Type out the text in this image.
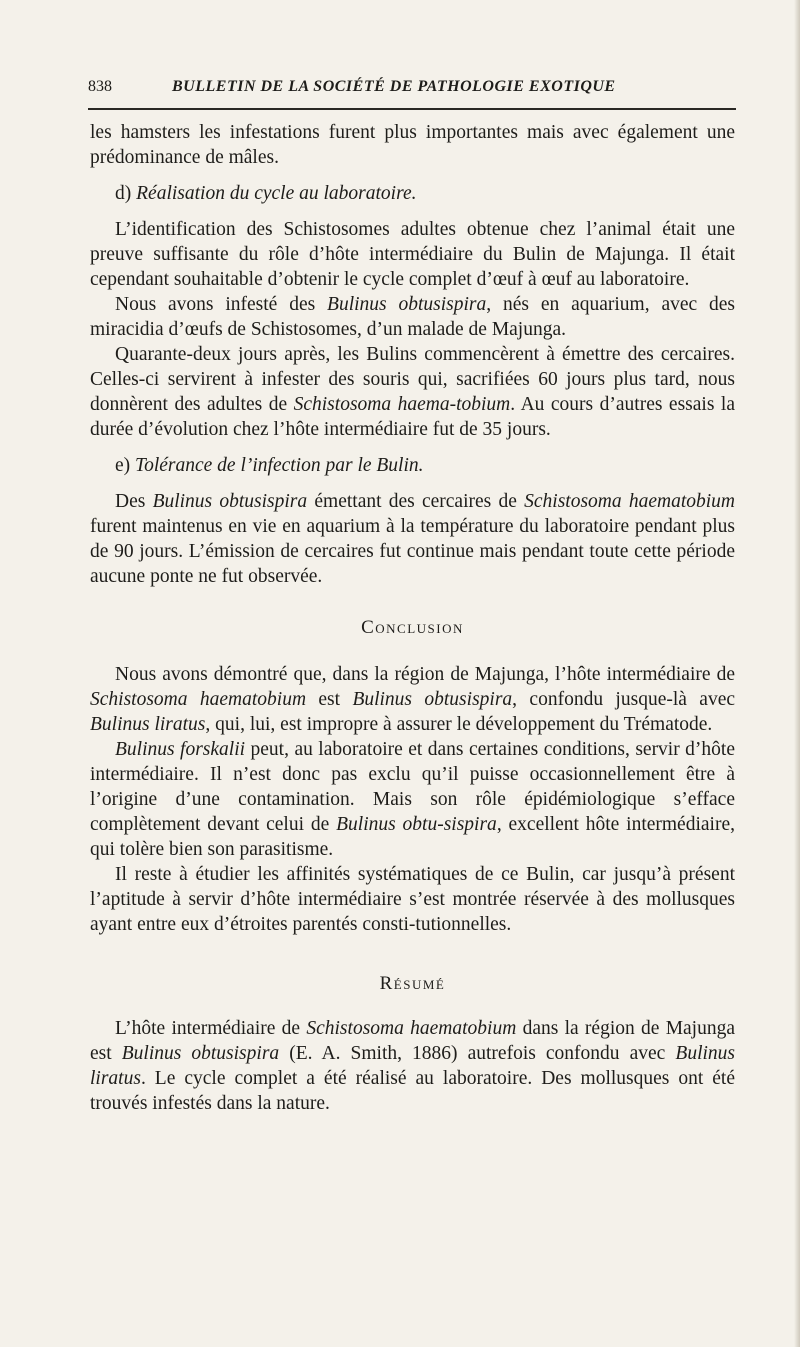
838	BULLETIN DE LA SOCIÉTÉ DE PATHOLOGIE EXOTIQUE

les hamsters les infestations furent plus importantes mais avec également une prédominance de mâles.

d) Réalisation du cycle au laboratoire.

L’identification des Schistosomes adultes obtenue chez l’animal était une preuve suffisante du rôle d’hôte intermédiaire du Bulin de Majunga. Il était cependant souhaitable d’obtenir le cycle complet d’œuf à œuf au laboratoire.

Nous avons infesté des Bulinus obtusispira, nés en aquarium, avec des miracidia d’œufs de Schistosomes, d’un malade de Majunga.

Quarante-deux jours après, les Bulins commencèrent à émettre des cercaires. Celles-ci servirent à infester des souris qui, sacrifiées 60 jours plus tard, nous donnèrent des adultes de Schistosoma haema-tobium. Au cours d’autres essais la durée d’évolution chez l’hôte intermédiaire fut de 35 jours.

e) Tolérance de l’infection par le Bulin.

Des Bulinus obtusispira émettant des cercaires de Schistosoma haematobium furent maintenus en vie en aquarium à la température du laboratoire pendant plus de 90 jours. L’émission de cercaires fut continue mais pendant toute cette période aucune ponte ne fut observée.

Conclusion

Nous avons démontré que, dans la région de Majunga, l’hôte intermédiaire de Schistosoma haematobium est Bulinus obtusispira, confondu jusque-là avec Bulinus liratus, qui, lui, est impropre à assurer le développement du Trématode.

Bulinus forskalii peut, au laboratoire et dans certaines conditions, servir d’hôte intermédiaire. Il n’est donc pas exclu qu’il puisse occasionnellement être à l’origine d’une contamination. Mais son rôle épidémiologique s’efface complètement devant celui de Bulinus obtu-sispira, excellent hôte intermédiaire, qui tolère bien son parasitisme.

Il reste à étudier les affinités systématiques de ce Bulin, car jusqu’à présent l’aptitude à servir d’hôte intermédiaire s’est montrée réservée à des mollusques ayant entre eux d’étroites parentés consti-tutionnelles.

Résumé

L’hôte intermédiaire de Schistosoma haematobium dans la région de Majunga est Bulinus obtusispira (E. A. Smith, 1886) autrefois confondu avec Bulinus liratus. Le cycle complet a été réalisé au laboratoire. Des mollusques ont été trouvés infestés dans la nature.
